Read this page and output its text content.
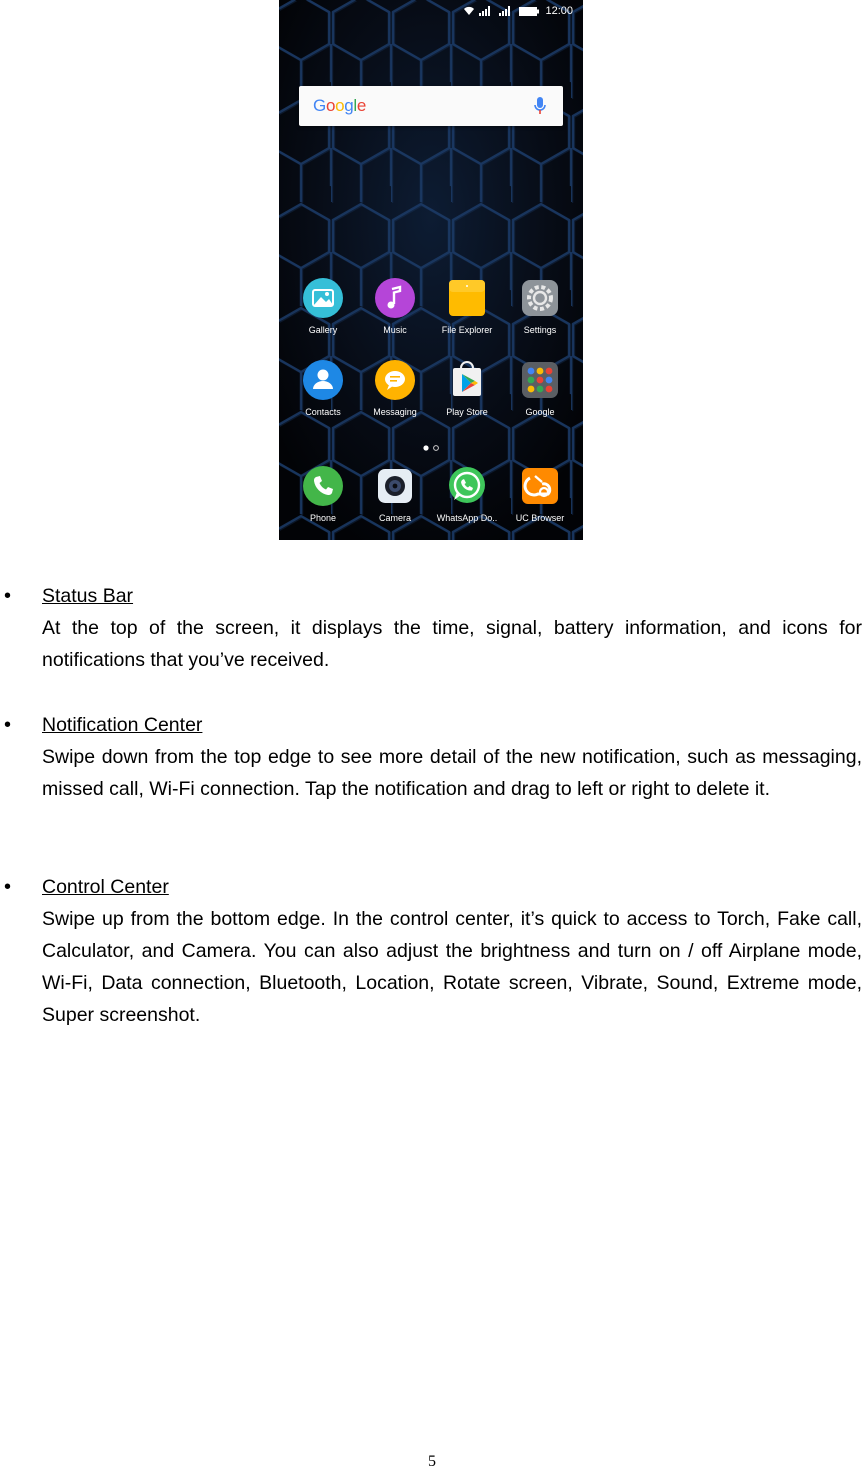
12:00
Google
Gallery	Music	File Explorer	Settings
Contacts	Messaging	Play Store	Google
Phone	Camera	WhatsApp Do..	UC Browser
• Status Bar

At the top of the screen, it displays the time, signal, battery information, and icons for notifications that you’ve received.

• Notification Center

Swipe down from the top edge to see more detail of the new notification, such as messaging, missed call, Wi-Fi connection. Tap the notification and drag to left or right to delete it.

• Control Center

Swipe up from the bottom edge. In the control center, it’s quick to access to Torch, Fake call, Calculator, and Camera. You can also adjust the brightness and turn on / off Airplane mode, Wi-Fi, Data connection, Bluetooth, Location, Rotate screen, Vibrate, Sound, Extreme mode, Super screenshot.

5
